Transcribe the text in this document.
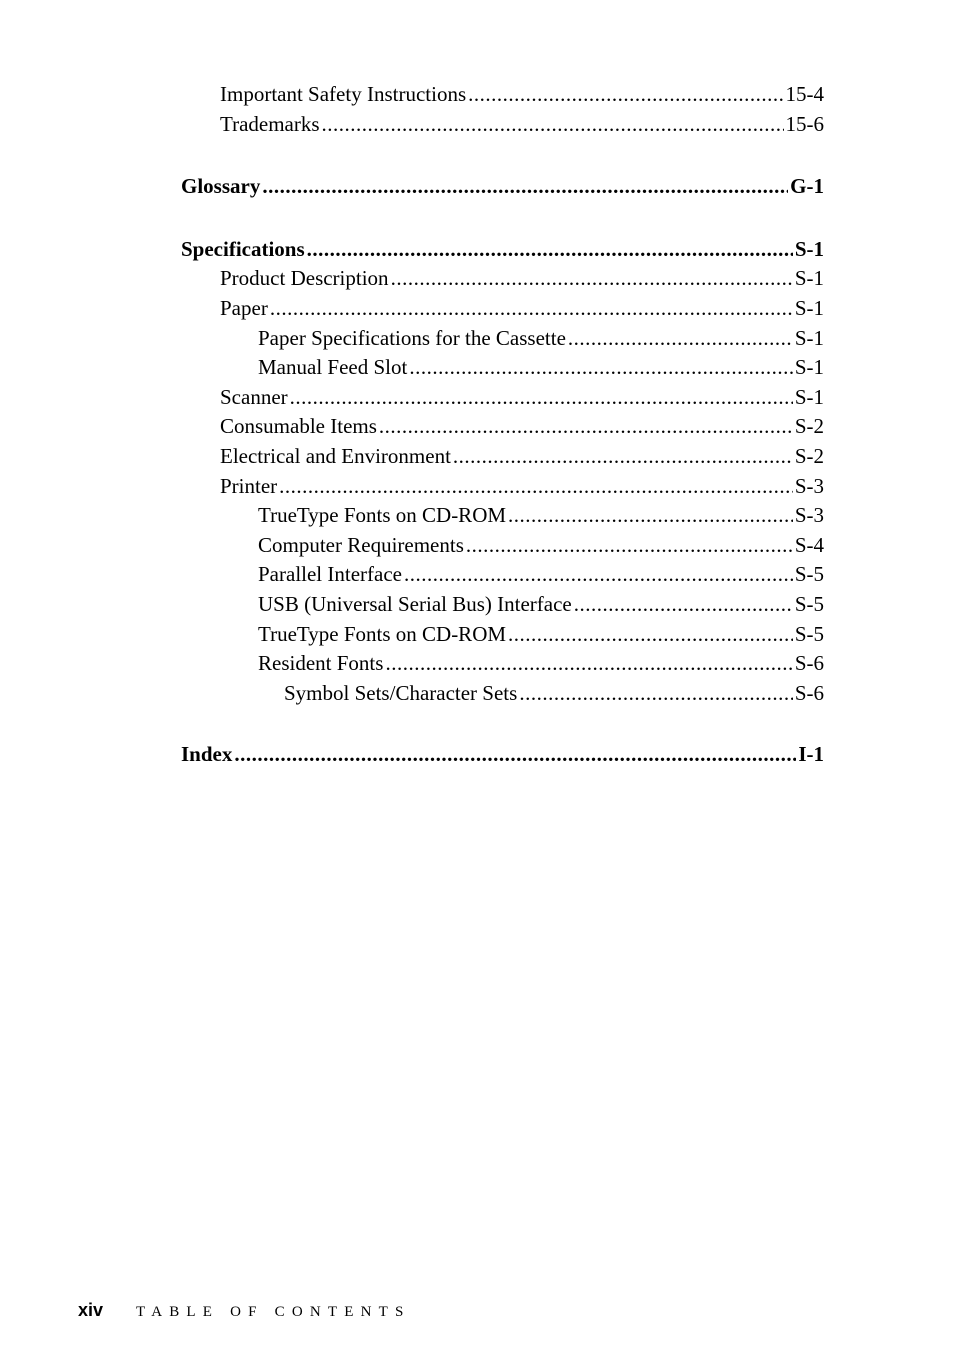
Important Safety Instructions .....	15-4
Trademarks .....	15-6
Glossary .....	G-1
Specifications .....	S-1
Product Description .....	S-1
Paper .....	S-1
Paper Specifications for the Cassette .....	S-1
Manual Feed Slot .....	S-1
Scanner .....	S-1
Consumable Items .....	S-2
Electrical and Environment .....	S-2
Printer .....	S-3
TrueType Fonts on CD-ROM .....	S-3
Computer Requirements .....	S-4
Parallel Interface .....	S-5
USB (Universal Serial Bus) Interface .....	S-5
TrueType Fonts on CD-ROM .....	S-5
Resident Fonts .....	S-6
Symbol Sets/Character Sets .....	S-6
Index .....	I-1
xiv TABLE OF CONTENTS
